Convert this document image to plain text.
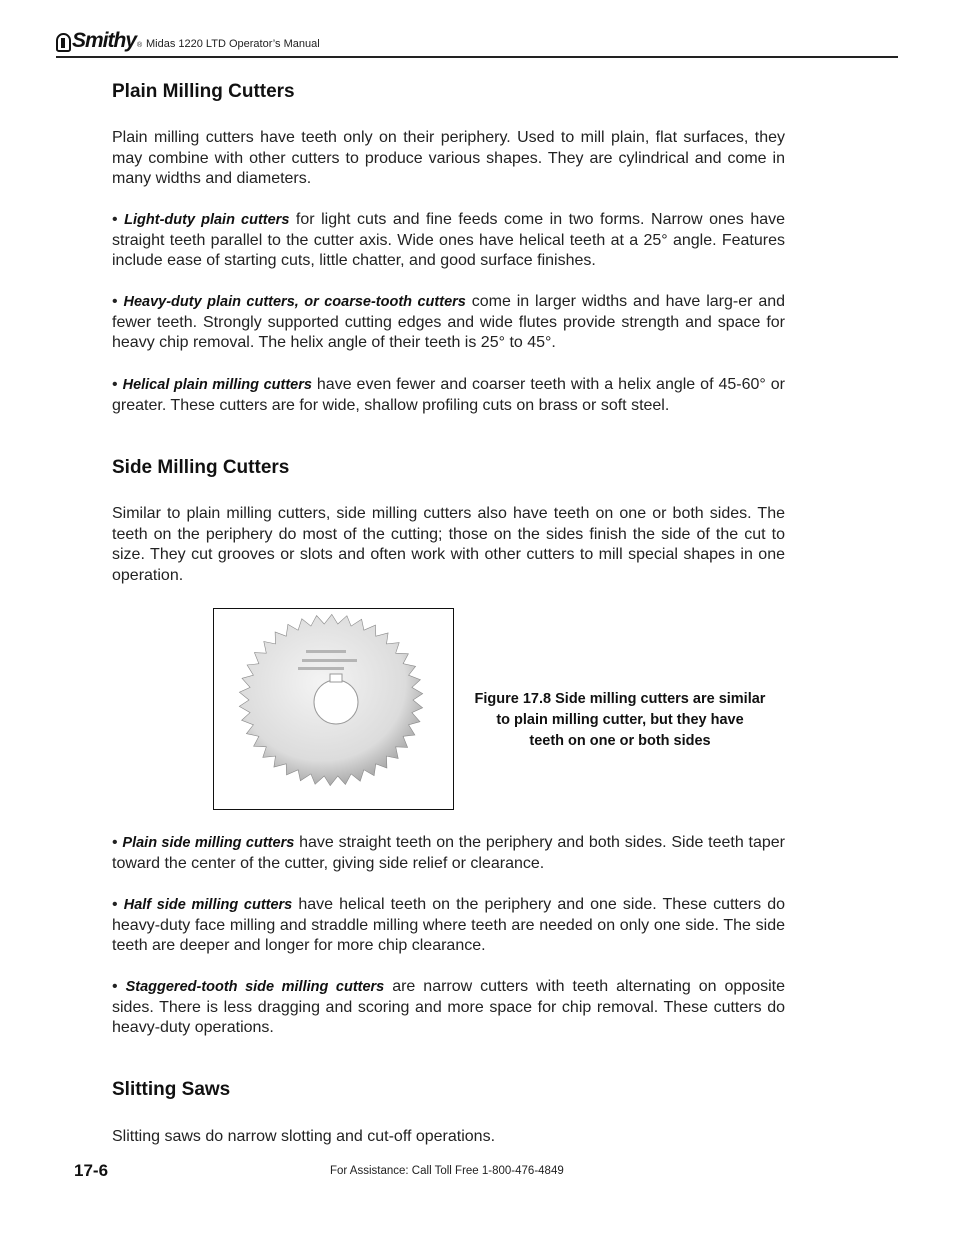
Smithy ® Midas 1220 LTD Operator’s Manual
Plain Milling Cutters

Plain milling cutters have teeth only on their periphery. Used to mill plain, flat surfaces, they may combine with other cutters to produce various shapes. They are cylindrical and come in many widths and diameters.

• Light-duty plain cutters for light cuts and fine feeds come in two forms. Narrow ones have straight teeth parallel to the cutter axis. Wide ones have helical teeth at a 25° angle. Features include ease of starting cuts, little chatter, and good surface finishes.

• Heavy-duty plain cutters, or coarse-tooth cutters come in larger widths and have larg-er and fewer teeth. Strongly supported cutting edges and wide flutes provide strength and space for heavy chip removal. The helix angle of their teeth is 25° to 45°.

• Helical plain milling cutters have even fewer and coarser teeth with a helix angle of 45-60° or greater. These cutters are for wide, shallow profiling cuts on brass or soft steel.

Side Milling Cutters

Similar to plain milling cutters, side milling cutters also have teeth on one or both sides. The teeth on the periphery do most of the cutting; those on the sides finish the side of the cut to size. They cut grooves or slots and often work with other cutters to mill special shapes in one operation.

Figure 17.8 Side milling cutters are similar
to plain milling cutter, but they have
teeth on one or both sides

• Plain side milling cutters have straight teeth on the periphery and both sides. Side teeth taper toward the center of the cutter, giving side relief or clearance.

• Half side milling cutters have helical teeth on the periphery and one side. These cutters do heavy-duty face milling and straddle milling where teeth are needed on only one side. The side teeth are deeper and longer for more chip clearance.

• Staggered-tooth side milling cutters are narrow cutters with teeth alternating on opposite sides. There is less dragging and scoring and more space for chip removal. These cutters do heavy-duty operations.

Slitting Saws

Slitting saws do narrow slotting and cut-off operations.

17-6	For Assistance: Call Toll Free 1-800-476-4849
